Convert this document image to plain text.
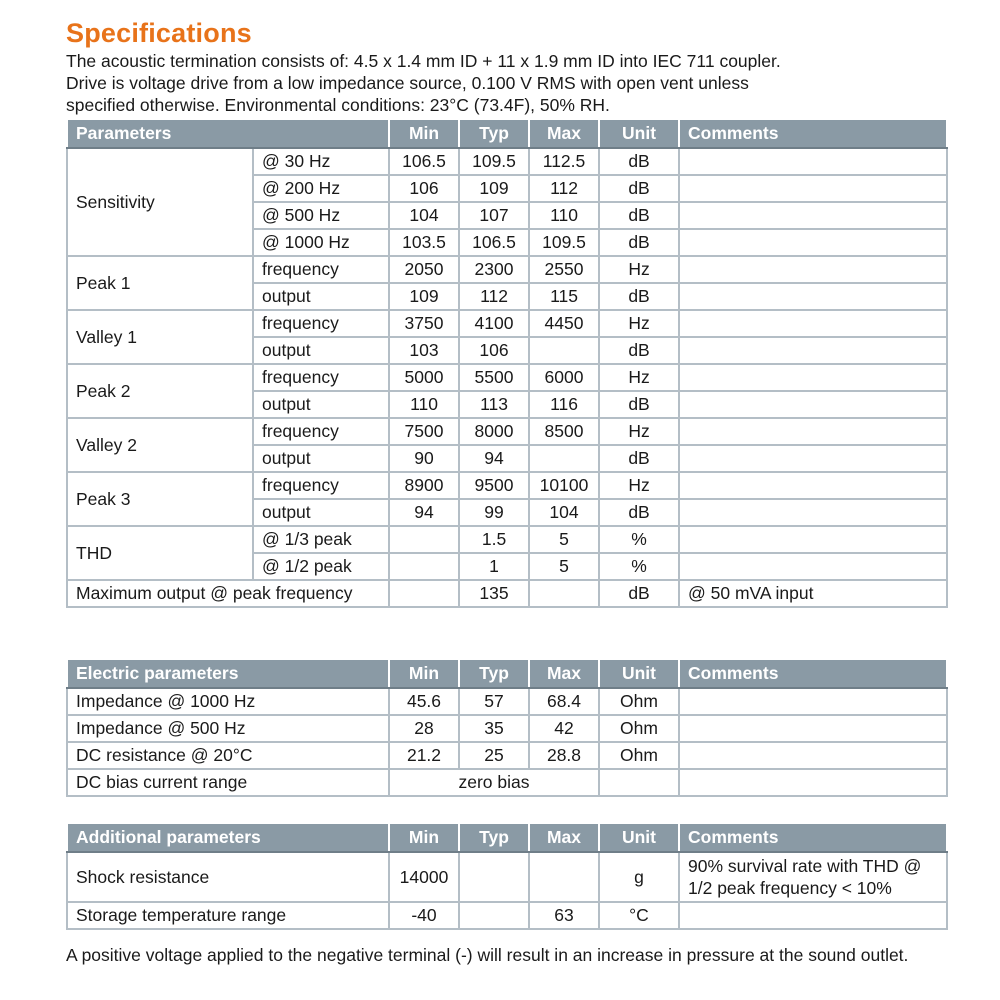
Specifications
The acoustic termination consists of: 4.5 x 1.4 mm ID + 11 x 1.9 mm ID into IEC 711 coupler.
Drive is voltage drive from a low impedance source, 0.100 V RMS with open vent unless
specified otherwise. Environmental conditions: 23°C (73.4F), 50% RH.
Parameters		Min	Typ	Max	Unit	Comments
Sensitivity	@ 30 Hz	106.5	109.5	112.5	dB	
	@ 200 Hz	106	109	112	dB	
	@ 500 Hz	104	107	110	dB	
	@ 1000 Hz	103.5	106.5	109.5	dB	
Peak 1	frequency	2050	2300	2550	Hz	
	output	109	112	115	dB	
Valley 1	frequency	3750	4100	4450	Hz	
	output	103	106		dB	
Peak 2	frequency	5000	5500	6000	Hz	
	output	110	113	116	dB	
Valley 2	frequency	7500	8000	8500	Hz	
	output	90	94		dB	
Peak 3	frequency	8900	9500	10100	Hz	
	output	94	99	104	dB	
THD	@ 1/3 peak		1.5	5	%	
	@ 1/2 peak		1	5	%	
Maximum output @ peak frequency			135		dB	@ 50 mVA input
Electric parameters	Min	Typ	Max	Unit	Comments
Impedance @ 1000 Hz	45.6	57	68.4	Ohm	
Impedance @ 500 Hz	28	35	42	Ohm	
DC resistance @ 20°C	21.2	25	28.8	Ohm	
DC bias current range	zero bias				
Additional parameters	Min	Typ	Max	Unit	Comments
Shock resistance	14000			g	90% survival rate with THD @ 1/2 peak frequency < 10%
Storage temperature range	-40		63	°C	
A positive voltage applied to the negative terminal (-) will result in an increase in pressure at the sound outlet.
